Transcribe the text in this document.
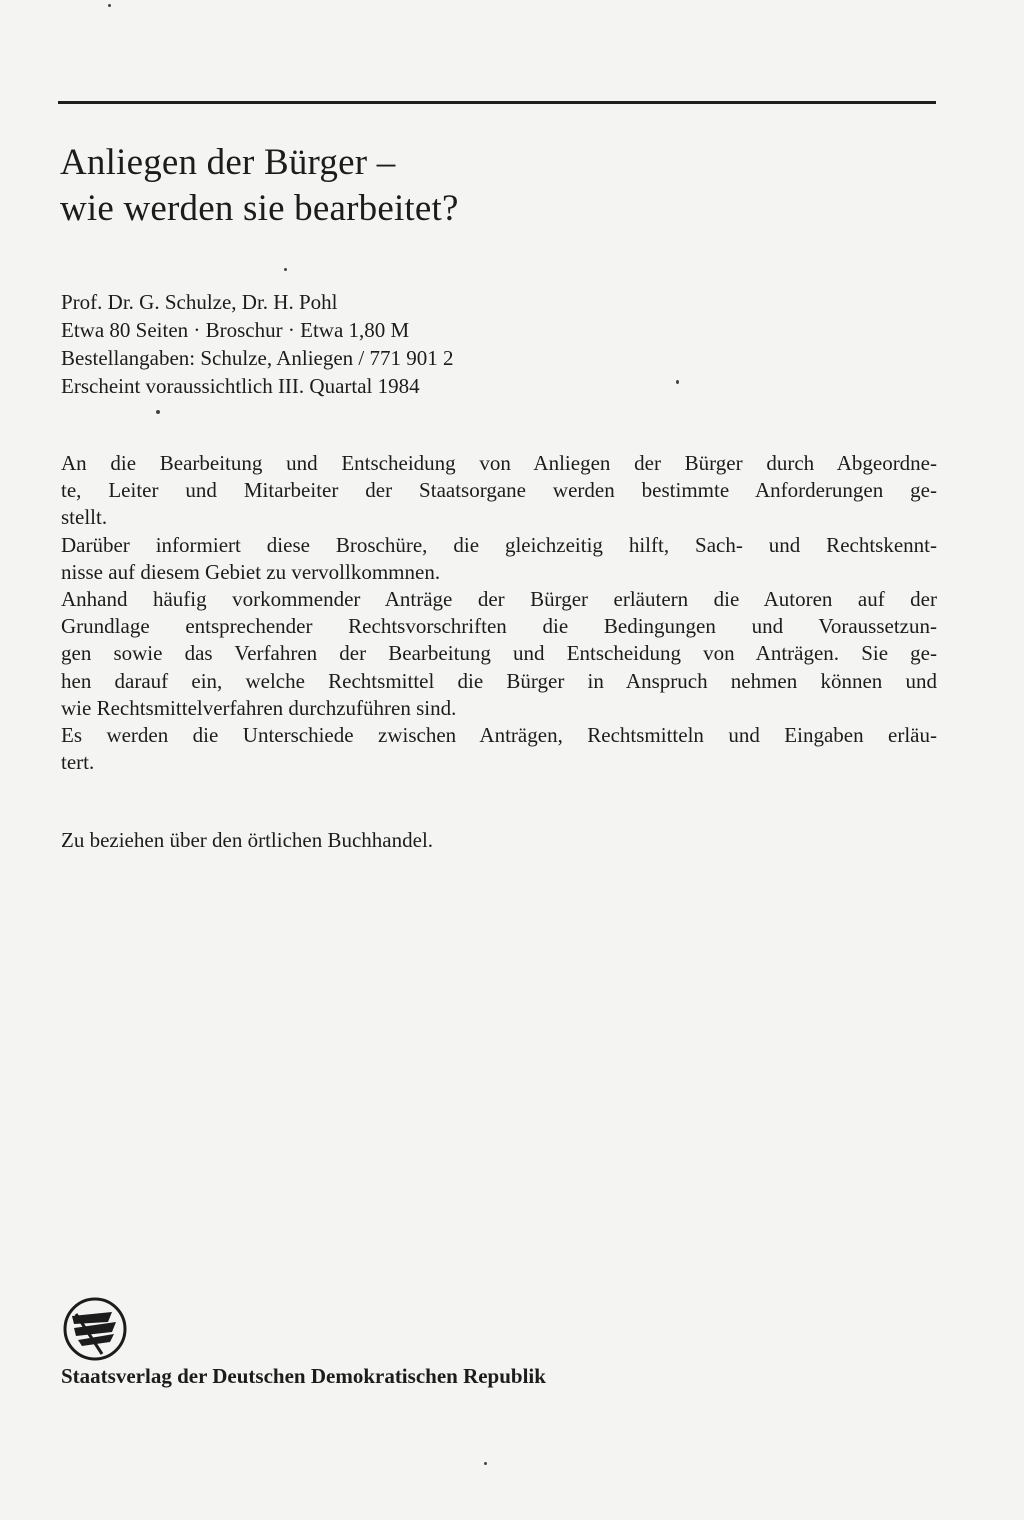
Anliegen der Bürger –
wie werden sie bearbeitet?
Prof. Dr. G. Schulze, Dr. H. Pohl
Etwa 80 Seiten · Broschur · Etwa 1,80 M
Bestellangaben: Schulze, Anliegen / 771 901 2
Erscheint voraussichtlich III. Quartal 1984
An die Bearbeitung und Entscheidung von Anliegen der Bürger durch Abgeordne-
te, Leiter und Mitarbeiter der Staatsorgane werden bestimmte Anforderungen ge-
stellt.
Darüber informiert diese Broschüre, die gleichzeitig hilft, Sach- und Rechtskennt-
nisse auf diesem Gebiet zu vervollkommnen.
Anhand häufig vorkommender Anträge der Bürger erläutern die Autoren auf der
Grundlage entsprechender Rechtsvorschriften die Bedingungen und Voraussetzun-
gen sowie das Verfahren der Bearbeitung und Entscheidung von Anträgen. Sie ge-
hen darauf ein, welche Rechtsmittel die Bürger in Anspruch nehmen können und
wie Rechtsmittelverfahren durchzuführen sind.
Es werden die Unterschiede zwischen Anträgen, Rechtsmitteln und Eingaben erläu-
tert.
Zu beziehen über den örtlichen Buchhandel.
Staatsverlag der Deutschen Demokratischen Republik
